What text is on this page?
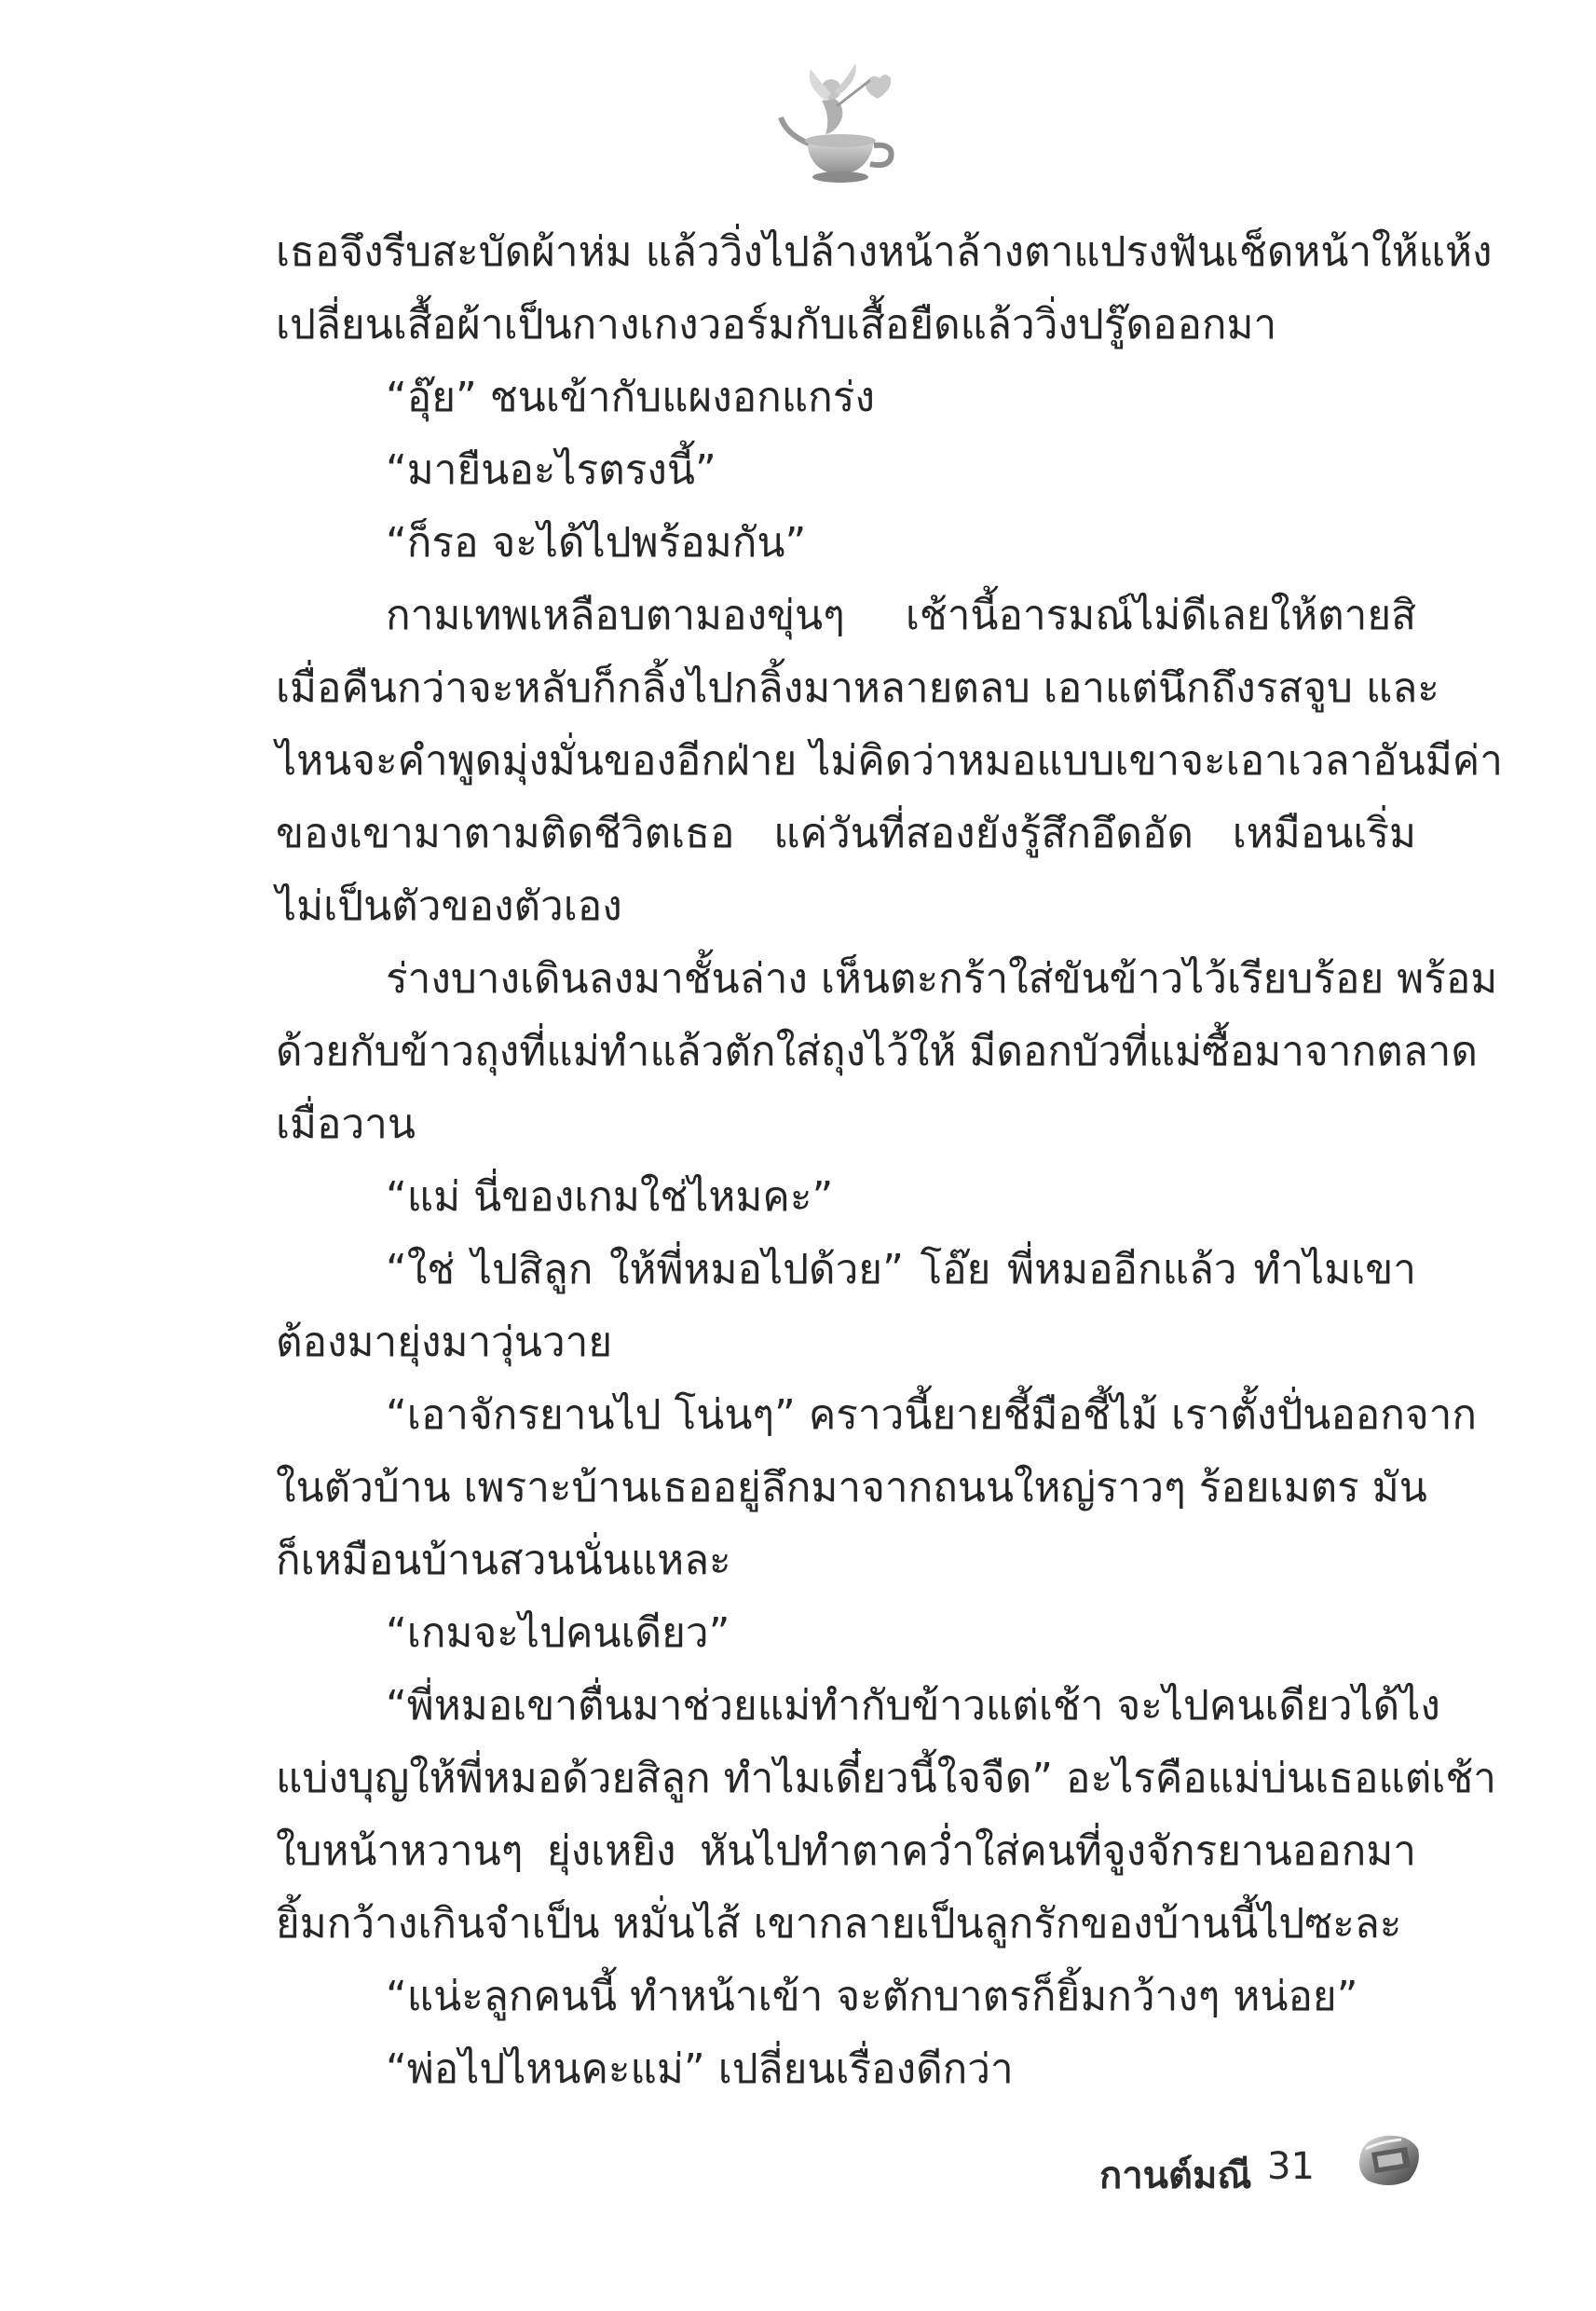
เธอจึงรีบสะบัดผ้าห่ม แล้ววิ่งไปล้างหน้าล้างตาแปรงฟันเช็ดหน้าให้แห้ง
เปลี่ยนเสื้อผ้าเป็นกางเกงวอร์มกับเสื้อยืดแล้ววิ่งปรู๊ดออกมา

“อุ๊ย” ชนเข้ากับแผงอกแกร่ง

“มายืนอะไรตรงนี้”

“ก็รอ จะได้ไปพร้อมกัน”

กามเทพเหลือบตามองขุ่นๆ เช้านี้อารมณ์ไม่ดีเลยให้ตายสิ
เมื่อคืนกว่าจะหลับก็กลิ้งไปกลิ้งมาหลายตลบ เอาแต่นึกถึงรสจูบ และ
ไหนจะคำพูดมุ่งมั่นของอีกฝ่าย ไม่คิดว่าหมอแบบเขาจะเอาเวลาอันมีค่า
ของเขามาตามติดชีวิตเธอ แค่วันที่สองยังรู้สึกอึดอัด เหมือนเริ่ม
ไม่เป็นตัวของตัวเอง

ร่างบางเดินลงมาชั้นล่าง เห็นตะกร้าใส่ขันข้าวไว้เรียบร้อย พร้อม
ด้วยกับข้าวถุงที่แม่ทำแล้วตักใส่ถุงไว้ให้ มีดอกบัวที่แม่ซื้อมาจากตลาด
เมื่อวาน

“แม่ นี่ของเกมใช่ไหมคะ”

“ใช่ ไปสิลูก ให้พี่หมอไปด้วย” โอ๊ย พี่หมออีกแล้ว ทำไมเขา
ต้องมายุ่งมาวุ่นวาย

“เอาจักรยานไป โน่นๆ” คราวนี้ยายชี้มือชี้ไม้ เราตั้งปั่นออกจาก
ในตัวบ้าน เพราะบ้านเธออยู่ลึกมาจากถนนใหญ่ราวๆ ร้อยเมตร มัน
ก็เหมือนบ้านสวนนั่นแหละ

“เกมจะไปคนเดียว”

“พี่หมอเขาตื่นมาช่วยแม่ทำกับข้าวแต่เช้า จะไปคนเดียวได้ไง
แบ่งบุญให้พี่หมอด้วยสิลูก ทำไมเดี๋ยวนี้ใจจืด” อะไรคือแม่บ่นเธอแต่เช้า
ใบหน้าหวานๆ ยุ่งเหยิง หันไปทำตาคว่ำใส่คนที่จูงจักรยานออกมา
ยิ้มกว้างเกินจำเป็น หมั่นไส้ เขากลายเป็นลูกรักของบ้านนี้ไปซะละ

“แน่ะลูกคนนี้ ทำหน้าเข้า จะตักบาตรก็ยิ้มกว้างๆ หน่อย”

“พ่อไปไหนคะแม่” เปลี่ยนเรื่องดีกว่า

กานต์มณี 31
